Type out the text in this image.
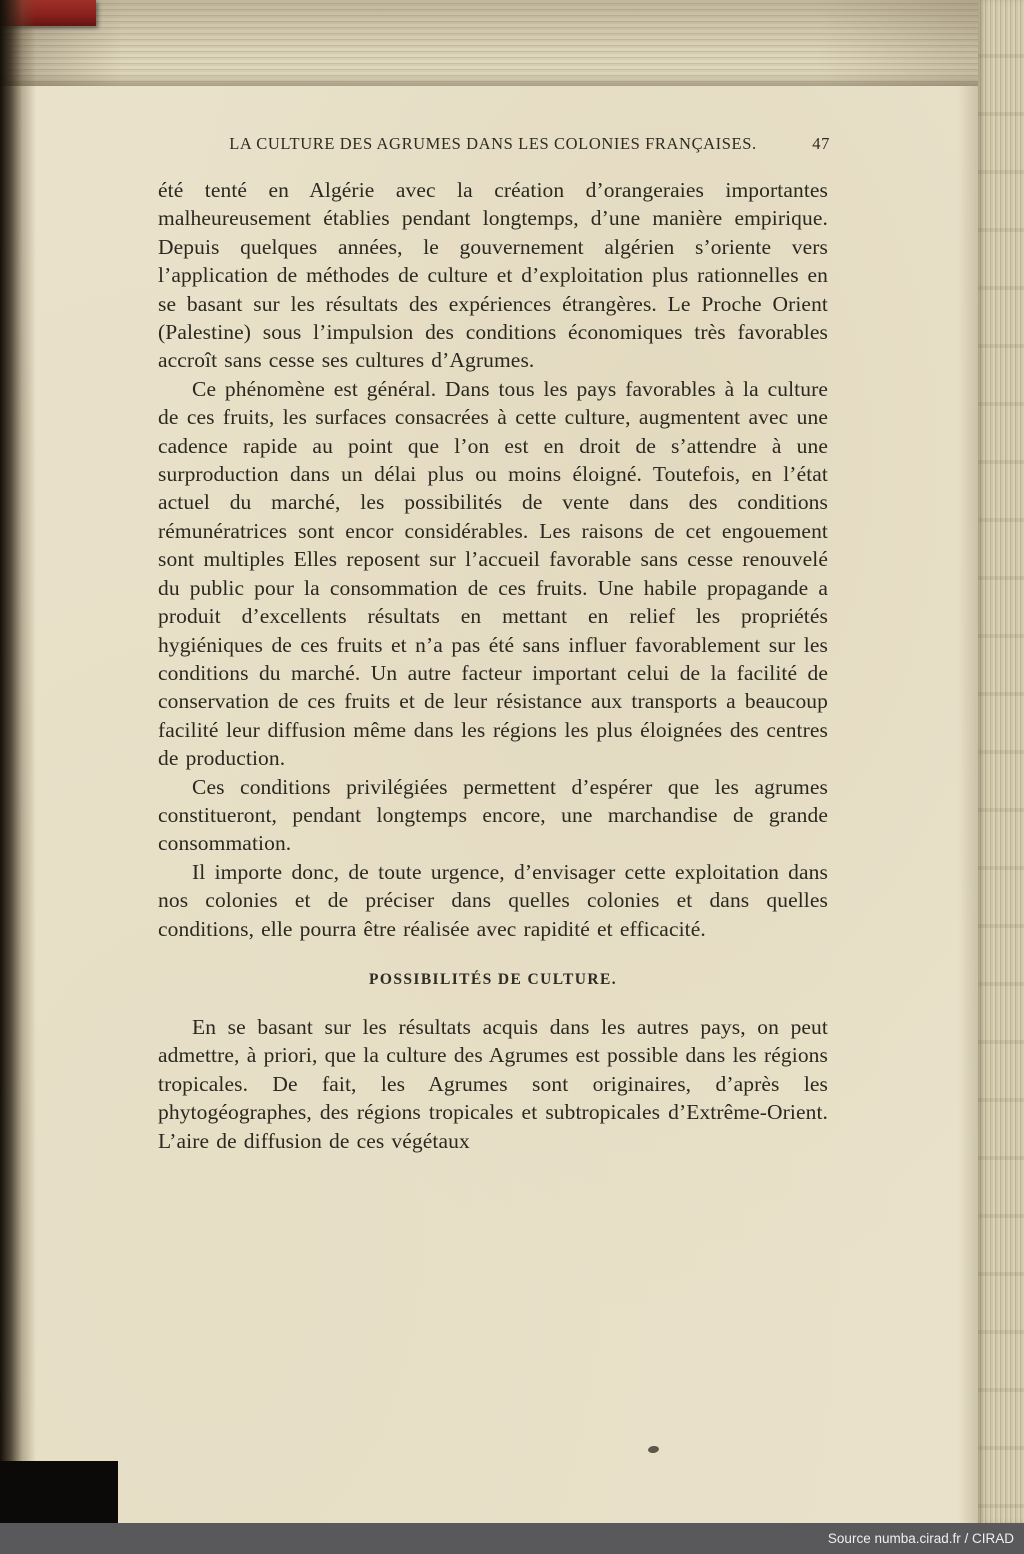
LA CULTURE DES AGRUMES DANS LES COLONIES FRANÇAISES.	47

été tenté en Algérie avec la création d’orangeraies importantes malheureusement établies pendant longtemps, d’une manière empirique. Depuis quelques années, le gouvernement algérien s’oriente vers l’application de méthodes de culture et d’exploitation plus rationnelles en se basant sur les résultats des expériences étrangères. Le Proche Orient (Palestine) sous l’impulsion des conditions économiques très favorables accroît sans cesse ses cultures d’Agrumes.

Ce phénomène est général. Dans tous les pays favorables à la culture de ces fruits, les surfaces consacrées à cette culture, augmentent avec une cadence rapide au point que l’on est en droit de s’attendre à une surproduction dans un délai plus ou moins éloigné. Toutefois, en l’état actuel du marché, les possibilités de vente dans des conditions rémunératrices sont encor considérables. Les raisons de cet engouement sont multiples Elles reposent sur l’accueil favorable sans cesse renouvelé du public pour la consommation de ces fruits. Une habile propagande a produit d’excellents résultats en mettant en relief les propriétés hygiéniques de ces fruits et n’a pas été sans influer favorablement sur les conditions du marché. Un autre facteur important celui de la facilité de conservation de ces fruits et de leur résistance aux transports a beaucoup facilité leur diffusion même dans les régions les plus éloignées des centres de production.

Ces conditions privilégiées permettent d’espérer que les agrumes constitueront, pendant longtemps encore, une marchandise de grande consommation.

Il importe donc, de toute urgence, d’envisager cette exploitation dans nos colonies et de préciser dans quelles colonies et dans quelles conditions, elle pourra être réalisée avec rapidité et efficacité.

POSSIBILITÉS DE CULTURE.

En se basant sur les résultats acquis dans les autres pays, on peut admettre, à priori, que la culture des Agrumes est possible dans les régions tropicales. De fait, les Agrumes sont originaires, d’après les phytogéographes, des régions tropicales et subtropicales d’Extrême-Orient. L’aire de diffusion de ces végétaux

Source numba.cirad.fr / CIRAD
